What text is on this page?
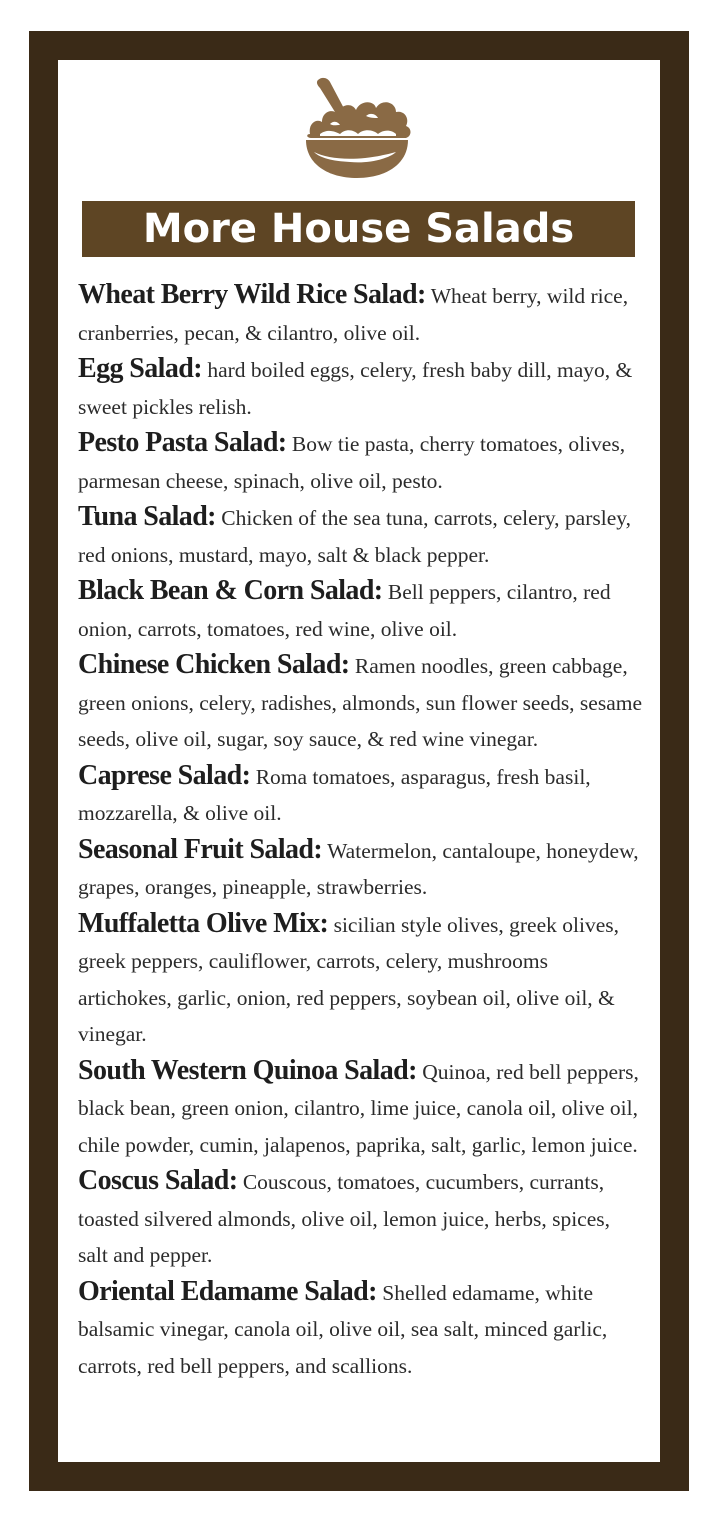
More House Salads
Wheat Berry Wild Rice Salad: Wheat berry, wild rice, cranberries, pecan, & cilantro, olive oil.
Egg Salad: hard boiled eggs, celery, fresh baby dill, mayo, & sweet pickles relish.
Pesto Pasta Salad: Bow tie pasta, cherry tomatoes, olives, parmesan cheese, spinach, olive oil, pesto.
Tuna Salad: Chicken of the sea tuna, carrots, celery, parsley, red onions, mustard, mayo, salt & black pepper.
Black Bean & Corn Salad: Bell peppers, cilantro, red onion, carrots, tomatoes, red wine, olive oil.
Chinese Chicken Salad: Ramen noodles, green cabbage, green onions, celery, radishes, almonds, sun flower seeds, sesame seeds, olive oil, sugar, soy sauce, & red wine vinegar.
Caprese Salad: Roma tomatoes, asparagus, fresh basil, mozzarella, & olive oil.
Seasonal Fruit Salad: Watermelon, cantaloupe, honeydew, grapes, oranges, pineapple, strawberries.
Muffaletta Olive Mix: sicilian style olives, greek olives, greek peppers, cauliflower, carrots, celery, mushrooms artichokes, garlic, onion, red peppers, soybean oil, olive oil, & vinegar.
South Western Quinoa Salad: Quinoa, red bell peppers, black bean, green onion, cilantro, lime juice, canola oil, olive oil, chile powder, cumin, jalapenos, paprika, salt, garlic, lemon juice.
Coscus Salad: Couscous, tomatoes, cucumbers, currants, toasted silvered almonds, olive oil, lemon juice, herbs, spices, salt and pepper.
Oriental Edamame Salad: Shelled edamame, white balsamic vinegar, canola oil, olive oil, sea salt, minced garlic, carrots, red bell peppers, and scallions.
